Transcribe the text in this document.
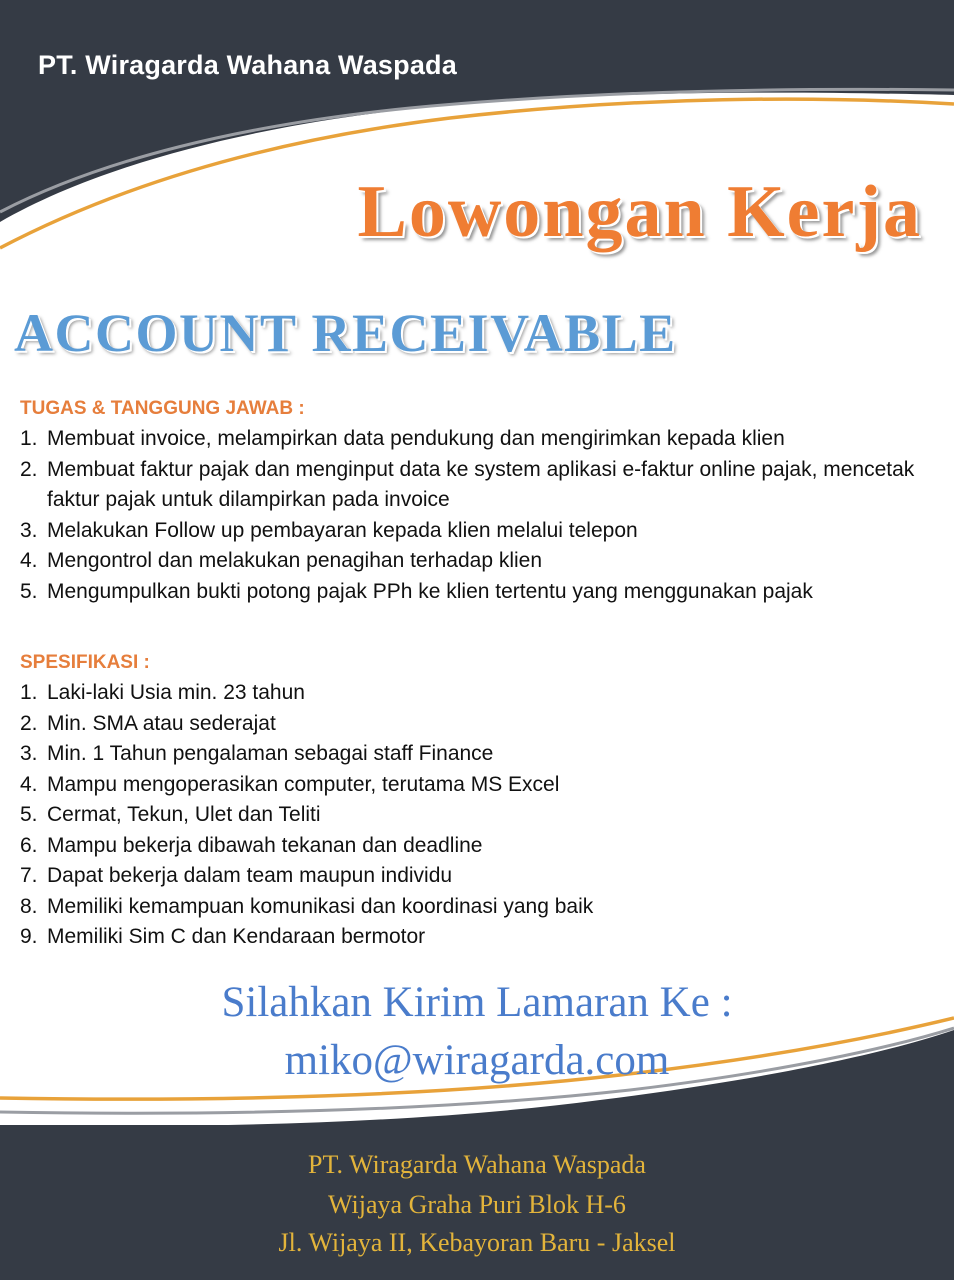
PT. Wiragarda Wahana Waspada
Lowongan Kerja
ACCOUNT RECEIVABLE
TUGAS & TANGGUNG JAWAB :
1. Membuat invoice, melampirkan data pendukung dan mengirimkan kepada klien
2. Membuat faktur pajak dan menginput data ke system aplikasi e-faktur online pajak, mencetak faktur pajak untuk dilampirkan pada invoice
3. Melakukan Follow up pembayaran kepada klien melalui telepon
4. Mengontrol dan melakukan penagihan terhadap klien
5. Mengumpulkan bukti potong pajak PPh ke klien tertentu yang menggunakan pajak
SPESIFIKASI :
1. Laki-laki Usia min. 23 tahun
2. Min. SMA atau sederajat
3. Min. 1 Tahun pengalaman sebagai staff Finance
4. Mampu mengoperasikan computer, terutama MS Excel
5. Cermat, Tekun, Ulet dan Teliti
6. Mampu bekerja dibawah tekanan dan deadline
7. Dapat bekerja dalam team maupun individu
8. Memiliki kemampuan komunikasi dan koordinasi yang baik
9. Memiliki Sim C dan Kendaraan bermotor
Silahkan Kirim Lamaran Ke :
miko@wiragarda.com
PT. Wiragarda Wahana Waspada
Wijaya Graha Puri Blok H-6
Jl. Wijaya II, Kebayoran Baru - Jaksel
